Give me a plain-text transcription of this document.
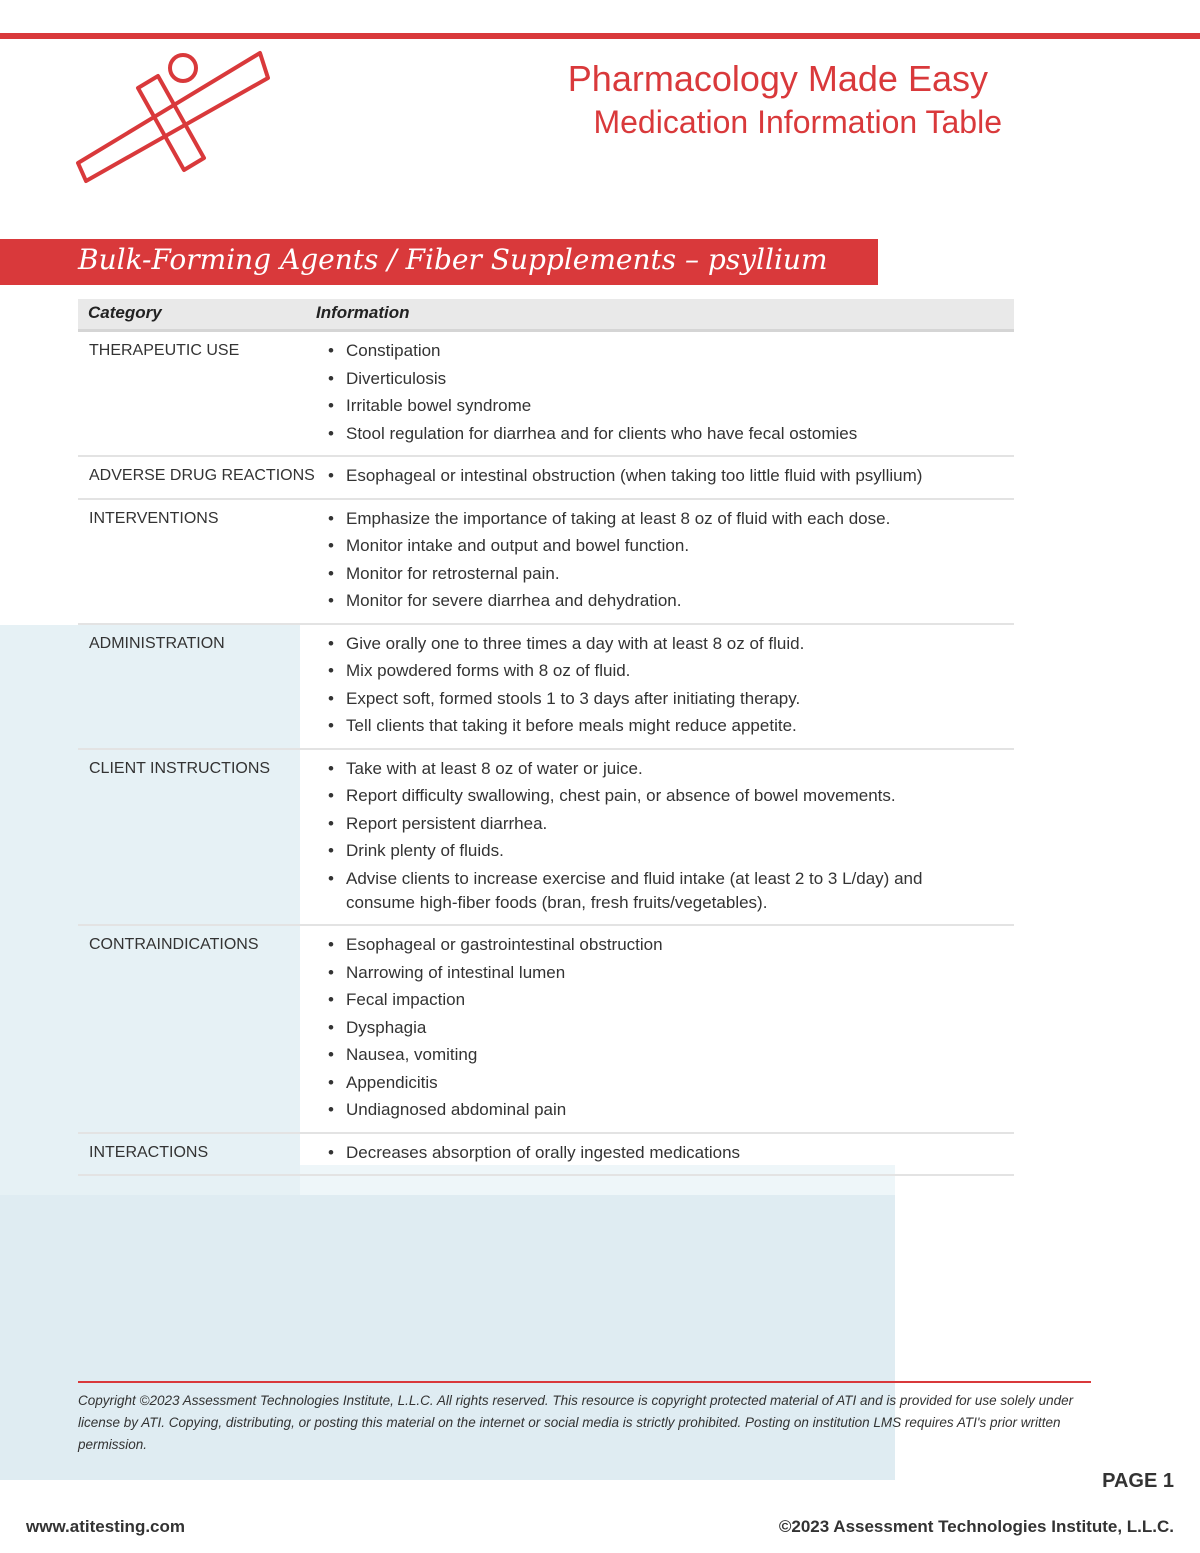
Pharmacology Made Easy
Medication Information Table
Bulk-Forming Agents / Fiber Supplements – psyllium
Category	Information
THERAPEUTIC USE	• Constipation
• Diverticulosis
• Irritable bowel syndrome
• Stool regulation for diarrhea and for clients who have fecal ostomies
ADVERSE DRUG REACTIONS • Esophageal or intestinal obstruction (when taking too little fluid with psyllium)
INTERVENTIONS	• Emphasize the importance of taking at least 8 oz of fluid with each dose.
• Monitor intake and output and bowel function.
• Monitor for retrosternal pain.
• Monitor for severe diarrhea and dehydration.
ADMINISTRATION	• Give orally one to three times a day with at least 8 oz of fluid.
• Mix powdered forms with 8 oz of fluid.
• Expect soft, formed stools 1 to 3 days after initiating therapy.
• Tell clients that taking it before meals might reduce appetite.
CLIENT INSTRUCTIONS	• Take with at least 8 oz of water or juice.
• Report difficulty swallowing, chest pain, or absence of bowel movements.
• Report persistent diarrhea.
• Drink plenty of fluids.
• Advise clients to increase exercise and fluid intake (at least 2 to 3 L/day) and consume high-fiber foods (bran, fresh fruits/vegetables).
CONTRAINDICATIONS	• Esophageal or gastrointestinal obstruction
• Narrowing of intestinal lumen
• Fecal impaction
• Dysphagia
• Nausea, vomiting
• Appendicitis
• Undiagnosed abdominal pain
INTERACTIONS	• Decreases absorption of orally ingested medications
Copyright ©2023 Assessment Technologies Institute, L.L.C. All rights reserved. This resource is copyright protected material of ATI and is provided for use solely under license by ATI. Copying, distributing, or posting this material on the internet or social media is strictly prohibited. Posting on institution LMS requires ATI's prior written permission.
PAGE 1
www.atitesting.com	©2023 Assessment Technologies Institute, L.L.C.
